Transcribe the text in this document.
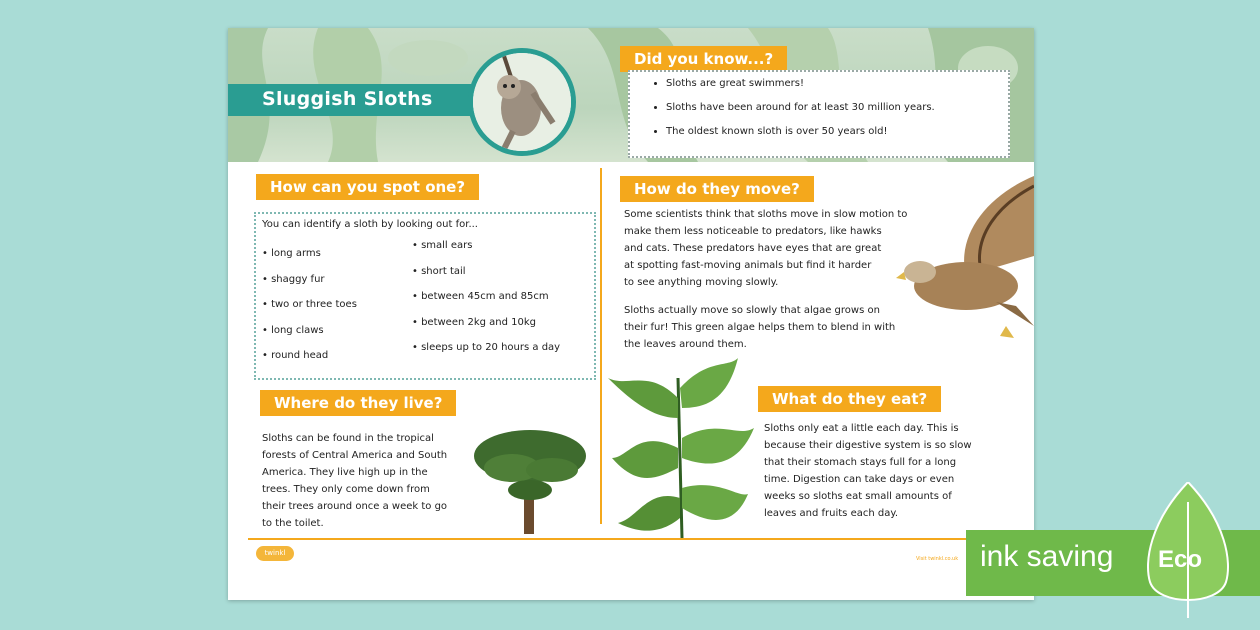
Sluggish Sloths
Did you know...?
• Sloths are great swimmers!
• Sloths have been around for at least 30 million years.
• The oldest known sloth is over 50 years old!
How can you spot one?
You can identify a sloth by looking out for...
• long arms
• shaggy fur
• two or three toes
• long claws
• round head
• small ears
• short tail
• between 45cm and 85cm
• between 2kg and 10kg
• sleeps up to 20 hours a day
Where do they live?
Sloths can be found in the tropical
forests of Central America and South
America. They live high up in the
trees. They only come down from
their trees around once a week to go
to the toilet.
How do they move?
Some scientists think that sloths move in slow motion to
make them less noticeable to predators, like hawks
and cats. These predators have eyes that are great
at spotting fast-moving animals but find it harder
to see anything moving slowly.
Sloths actually move so slowly that algae grows on
their fur! This green algae helps them to blend in with
the leaves around them.
What do they eat?
Sloths only eat a little each day. This is
because their digestive system is so slow
that their stomach stays full for a long
time. Digestion can take days or even
weeks so sloths eat small amounts of
leaves and fruits each day.
twinkl
Visit twinkl.co.uk ink saving Eco
